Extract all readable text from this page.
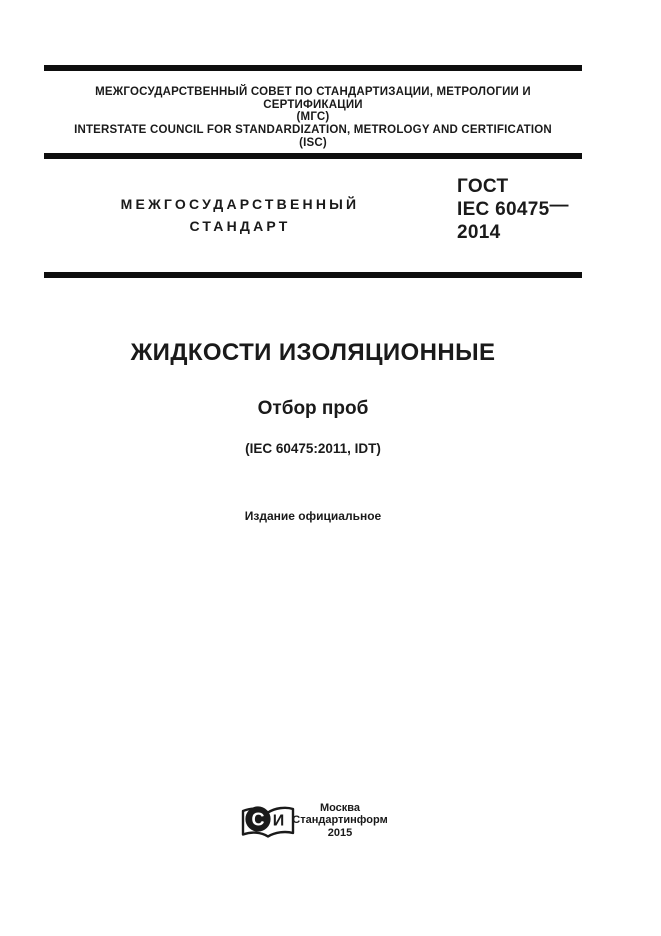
МЕЖГОСУДАРСТВЕННЫЙ СОВЕТ ПО СТАНДАРТИЗАЦИИ, МЕТРОЛОГИИ И СЕРТИФИКАЦИИ
(МГС)
INTERSTATE COUNCIL FOR STANDARDIZATION, METROLOGY AND CERTIFICATION
(ISC)
МЕЖГОСУДАРСТВЕННЫЙ
СТАНДАРТ
ГОСТ
IEC 60475—
2014
ЖИДКОСТИ ИЗОЛЯЦИОННЫЕ
Отбор проб

(IEC 60475:2011, IDT)

Издание официальное

С И
Москва
Стандартинформ
2015
